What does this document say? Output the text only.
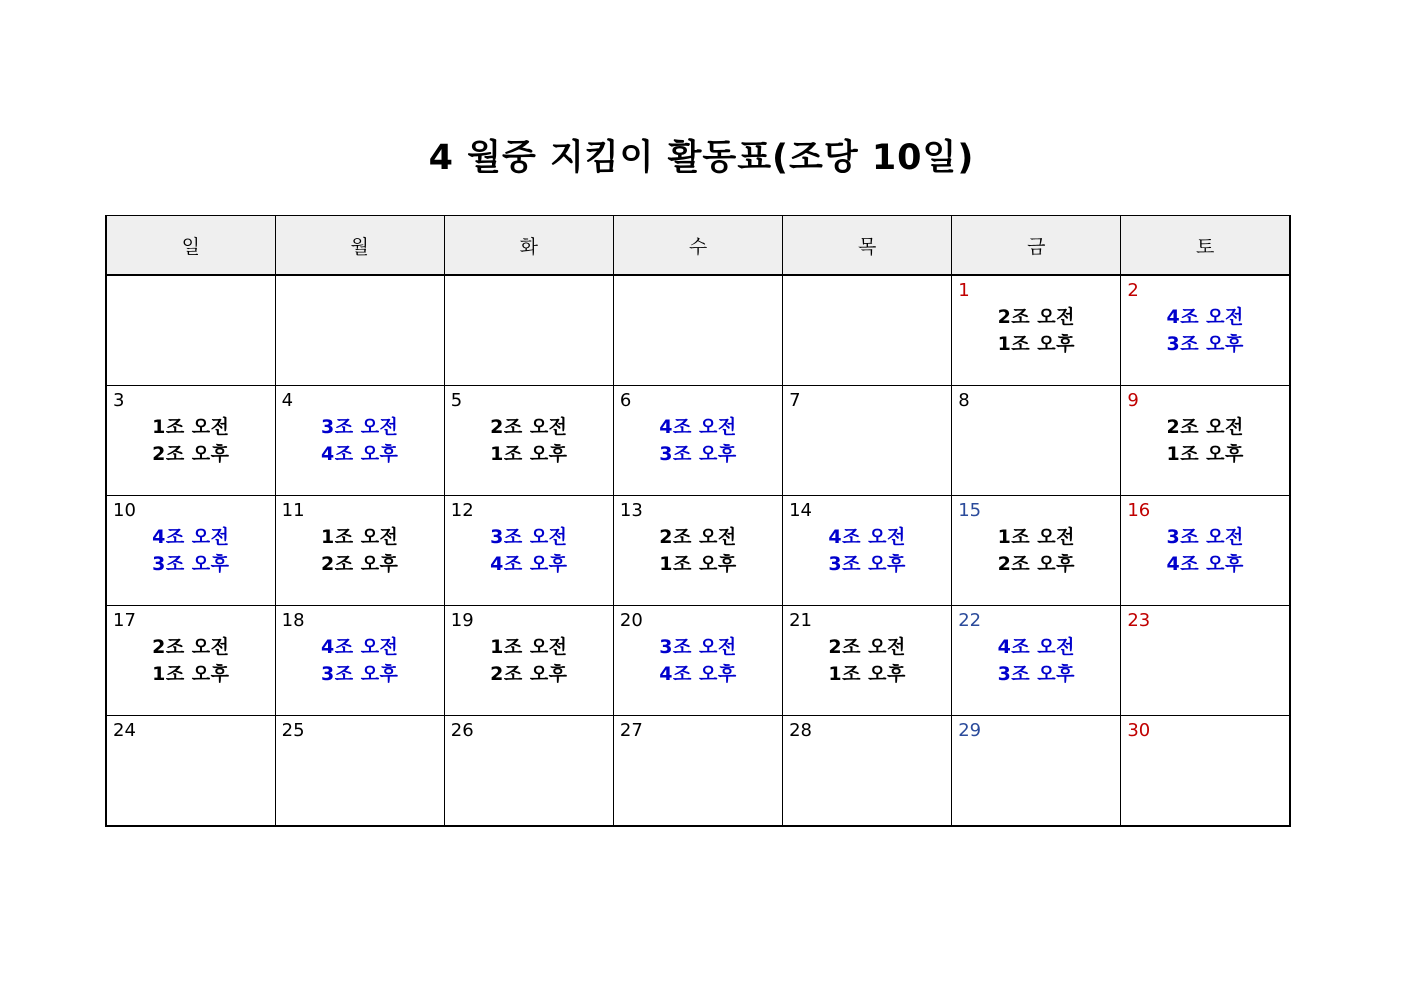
4 월중 지킴이 활동표(조당 10일)
일	월	화	수	목	금	토

					1
2조 오전
1조 오후	2
4조 오전
3조 오후

3
1조 오전
2조 오후	4
3조 오전
4조 오후	5
2조 오전
1조 오후	6
4조 오전
3조 오후	7	8	9
2조 오전
1조 오후

10
4조 오전
3조 오후	11
1조 오전
2조 오후	12
3조 오전
4조 오후	13
2조 오전
1조 오후	14
4조 오전
3조 오후	15
1조 오전
2조 오후	16
3조 오전
4조 오후

17
2조 오전
1조 오후	18
4조 오전
3조 오후	19
1조 오전
2조 오후	20
3조 오전
4조 오후	21
2조 오전
1조 오후	22
4조 오전
3조 오후	23

24	25	26	27	28	29	30
